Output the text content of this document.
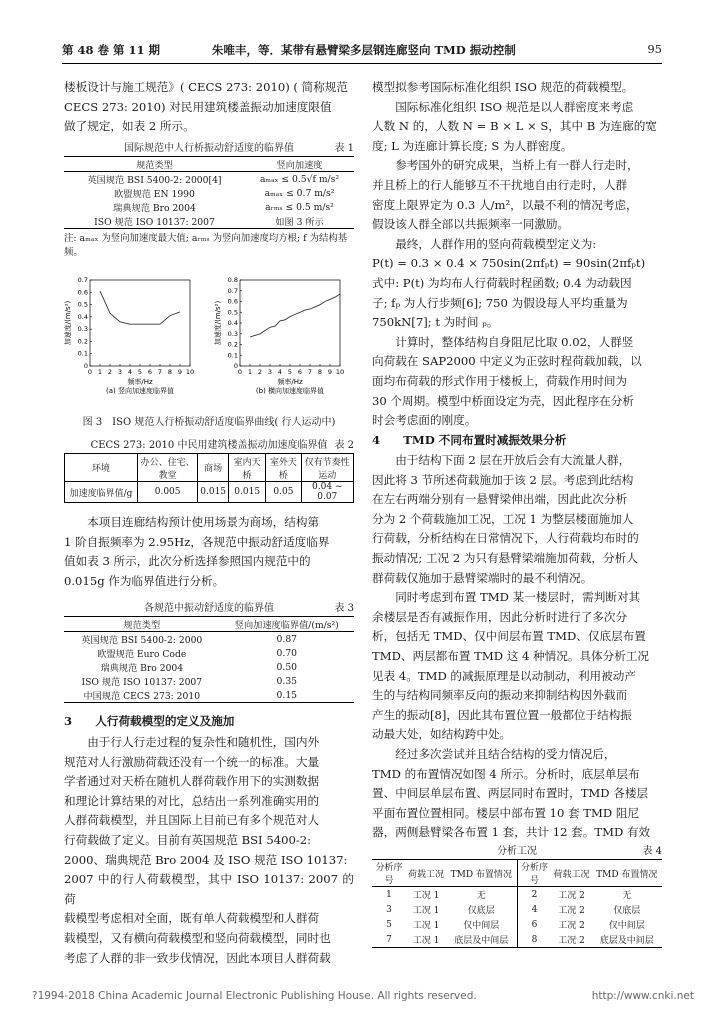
第 48 卷 第 11 期	朱唯丰，等．某带有悬臂梁多层钢连廊竖向 TMD 振动控制	95

楼板设计与施工规范》( CECS 273: 2010) ( 简称规范

CECS 273: 2010) 对民用建筑楼盖振动加速度限值

做了规定，如表 2 所示。

国际规范中人行桥振动舒适度的临界值	表 1
规范类型	竖向加速度
英国规范 BSI 5400-2: 2000[4]	aₘₐₓ ≤ 0.5√f m/s²
欧盟规范 EN 1990	aₘₐₓ ≤ 0.7 m/s²
瑞典规范 Bro 2004	aᵣₘₛ ≤ 0.5 m/s²
ISO 规范 ISO 10137: 2007	如图 3 所示
注: aₘₐₓ 为竖向加速度最大值; aᵣₘₛ 为竖向加速度均方根; f 为结构基频。
0 1 2 3 4 5 6 7 8 9 10
0
0.1
0.2
0.3
0.4
0.5
0.6
0.7
加速度/(m/s²)
频率/Hz
(a) 竖向加速度临界值
0 1 2 3 4 5 6 7 8 9 10
0
0.1
0.2
0.3
0.4
0.5
0.6
0.7
0.8
加速度/(m/s²)
频率/Hz
(b) 横向加速度临界值
图 3　ISO 规范人行桥振动舒适度临界曲线( 行人运动中)
CECS 273: 2010 中民用建筑楼盖振动加速度临界值 表 2
环境	办公、住宅、教堂	商场	室内天桥	室外天桥	仅有节奏性运动
加速度临界值/g	0.005	0.015	0.015	0.05	0.04 ~ 0.07

本项目连廊结构预计使用场景为商场，结构第

1 阶自振频率为 2.95Hz，各规范中振动舒适度临界

值如表 3 所示，此次分析选择参照国内规范中的

0.015g 作为临界值进行分析。

各规范中振动舒适度的临界值	表 3
规范类型	竖向加速度临界值/(m/s²)
英国规范 BSI 5400-2: 2000	0.87
欧盟规范 Euro Code	0.70
瑞典规范 Bro 2004	0.50
ISO 规范 ISO 10137: 2007	0.35
中国规范 CECS 273: 2010	0.15
3　　人行荷载模型的定义及施加

由于行人行走过程的复杂性和随机性，国内外

规范对人行激励荷载还没有一个统一的标准。大量

学者通过对天桥在随机人群荷载作用下的实测数据

和理论计算结果的对比，总结出一系列准确实用的

人群荷载模型，并且国际上目前已有多个规范对人

行荷载做了定义。目前有英国规范 BSI 5400-2:

2000、瑞典规范 Bro 2004 及 ISO 规范 ISO 10137:

2007 中的行人荷载模型，其中 ISO 10137: 2007 的荷

载模型考虑相对全面，既有单人荷载模型和人群荷

载模型，又有横向荷载模型和竖向荷载模型，同时也

考虑了人群的非一致步伐情况，因此本项目人群荷载

模型拟参考国际标准化组织 ISO 规范的荷载模型。

国际标准化组织 ISO 规范是以人群密度来考虑

人数 N 的，人数 N = B × L × S，其中 B 为连廊的宽

度; L 为连廊计算长度; S 为人群密度。

参考国外的研究成果，当桥上有一群人行走时，

并且桥上的行人能够互不干扰地自由行走时，人群

密度上限界定为 0.3 人/m²，以最不利的情况考虑，

假设该人群全部以共振频率一同激励。

最终，人群作用的竖向荷载模型定义为:

P(t) = 0.3 × 0.4 × 750sin(2πfₚt) = 90sin(2πfₚt)

式中: P(t) 为均布人行荷载时程函数; 0.4 为动载因

子; fₚ 为人行步频[6]; 750 为假设每人平均重量为

750kN[7]; t 为时间 ₚ。

计算时，整体结构自身阻尼比取 0.02，人群竖

向荷载在 SAP2000 中定义为正弦时程荷载加载，以

面均布荷载的形式作用于楼板上，荷载作用时间为

30 个周期。模型中桥面设定为壳，因此程序在分析

时会考虑面的刚度。

4　　TMD 不同布置时减振效果分析

由于结构下面 2 层在开放后会有大流量人群，

因此将 3 节所述荷载施加于该 2 层。考虑到此结构

在左右两端分别有一悬臂梁伸出端，因此此次分析

分为 2 个荷载施加工况，工况 1 为整层楼面施加人

行荷载，分析结构在日常情况下，人行荷载均布时的

振动情况; 工况 2 为只有悬臂梁端施加荷载，分析人

群荷载仅施加于悬臂梁端时的最不利情况。

同时考虑到布置 TMD 某一楼层时，需判断对其

余楼层是否有减振作用，因此分析时进行了多次分

析，包括无 TMD、仅中间层布置 TMD、仅底层布置

TMD、两层都布置 TMD 这 4 种情况。具体分析工况

见表 4。TMD 的减振原理是以动制动，利用被动产

生的与结构同频率反向的振动来抑制结构因外载而

产生的振动[8]，因此其布置位置一般都位于结构振

动最大处，如结构跨中处。

经过多次尝试并且结合结构的受力情况后，

TMD 的布置情况如图 4 所示。分析时，底层单层布

置、中间层单层布置、两层同时布置时，TMD 各楼层

平面布置位置相同。楼层中部布置 10 套 TMD 阻尼

器，两侧悬臂梁各布置 1 套，共计 12 套。TMD 有效

分析工况	表 4
分析序号	荷载工况	TMD 布置情况	分析序号	荷载工况	TMD 布置情况
1	工况 1	无	2	工况 2	无
3	工况 1	仅底层	4	工况 2	仅底层
5	工况 1	仅中间层	6	工况 2	仅中间层
7	工况 1	底层及中间层	8	工况 2	底层及中间层
?1994-2018 China Academic Journal Electronic Publishing House. All rights reserved.	http://www.cnki.net
